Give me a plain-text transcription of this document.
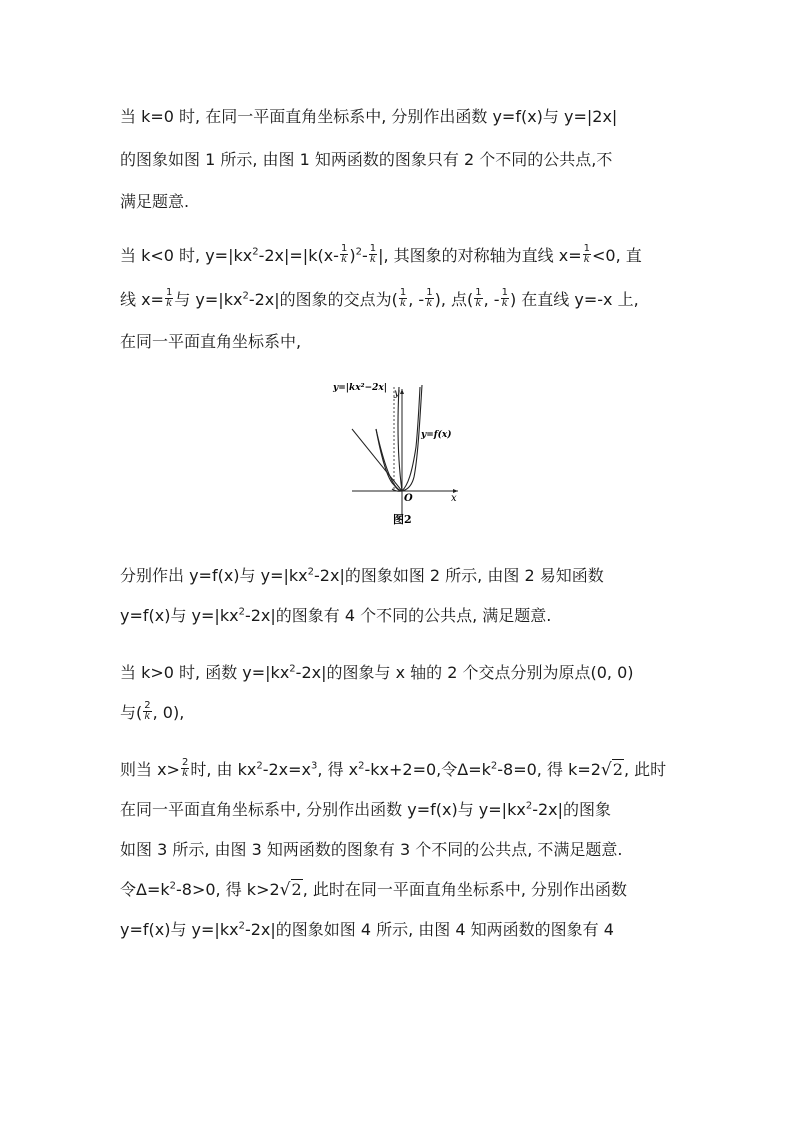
当 k=0 时, 在同一平面直角坐标系中, 分别作出函数 y=f(x)与 y=|2x|
的图象如图 1 所示, 由图 1 知两函数的图象只有 2 个不同的公共点,不
满足题意.
当 k<0 时, $y=|kx^2-2x|=|k(x- \frac{1}{k} )^2- \frac{1}{k}$ |, 其图象的对称轴为直线 $x= \frac{1}{k} <0$, 直
线 $x= \frac{1}{k}$ 与 $y=|kx^2-2x|$的图象的交点为( $\frac{1}{k}$ , - $\frac{1}{k}$ ), 点( $\frac{1}{k}$ , - $\frac{1}{k}$ ) 在直线 y=-x 上,
在同一平面直角坐标系中,
y=|kx²−2x|
x
y
O
y=f(x)
图2
分别作出 y=f(x)与 $y=|kx^2-2x|$的图象如图 2 所示, 由图 2 易知函数
y=f(x)与 $y=|kx^2-2x|$的图象有 4 个不同的公共点, 满足题意.
当 k>0 时, 函数 $y=|kx^2-2x|$的图象与 x 轴的 2 个交点分别为原点(0, 0)
与( $\frac{2}{k}$ , 0),
则当 $x> \frac{2}{k}$ 时, 由 $kx^2-2x=x^3$, 得 $x^2-kx+2=0$,令$\Delta=k^2-8=0$, 得 k=2√2, 此时
在同一平面直角坐标系中, 分别作出函数 y=f(x)与 $y=|kx^2-2x|$的图象
如图 3 所示, 由图 3 知两函数的图象有 3 个不同的公共点, 不满足题意.
令$\Delta=k^2-8>0$, 得 k>2√2, 此时在同一平面直角坐标系中, 分别作出函数
y=f(x)与 $y=|kx^2-2x|$的图象如图 4 所示, 由图 4 知两函数的图象有 4
